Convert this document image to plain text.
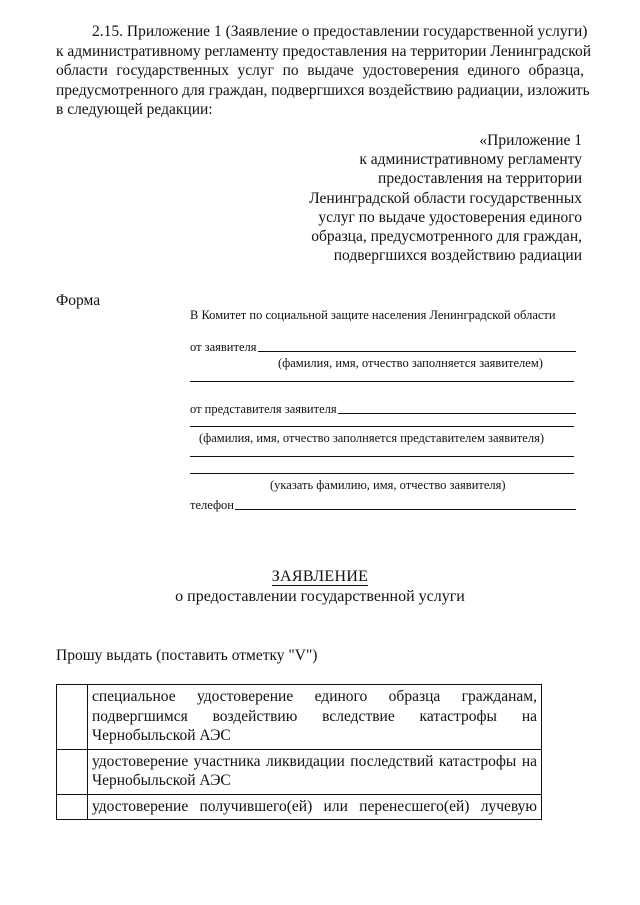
2.15. Приложение 1 (Заявление о предоставлении государственной услуги)
к административному регламенту предоставления на территории Ленинградской
области государственных услуг по выдаче удостоверения единого образца,
предусмотренного для граждан, подвергшихся воздействию радиации, изложить
в следующей редакции:
«Приложение 1
к административному регламенту
предоставления на территории
Ленинградской области государственных
услуг по выдаче удостоверения единого
образца, предусмотренного для граждан,
подвергшихся воздействию радиации
Форма
В Комитет по социальной защите населения Ленинградской области
от заявителя
(фамилия, имя, отчество заполняется заявителем)
от представителя заявителя
(фамилия, имя, отчество заполняется представителем заявителя)
(указать фамилию, имя, отчество заявителя)
телефон
ЗАЯВЛЕНИЕ
о предоставлении государственной услуги
Прошу выдать (поставить отметку "V")

	специальное удостоверение единого образца гражданам,
подвергшимся воздействию вследствие катастрофы на
Чернобыльской АЭС

	удостоверение участника ликвидации последствий катастрофы на
Чернобыльской АЭС

	удостоверение получившего(ей) или перенесшего(ей) лучевую
